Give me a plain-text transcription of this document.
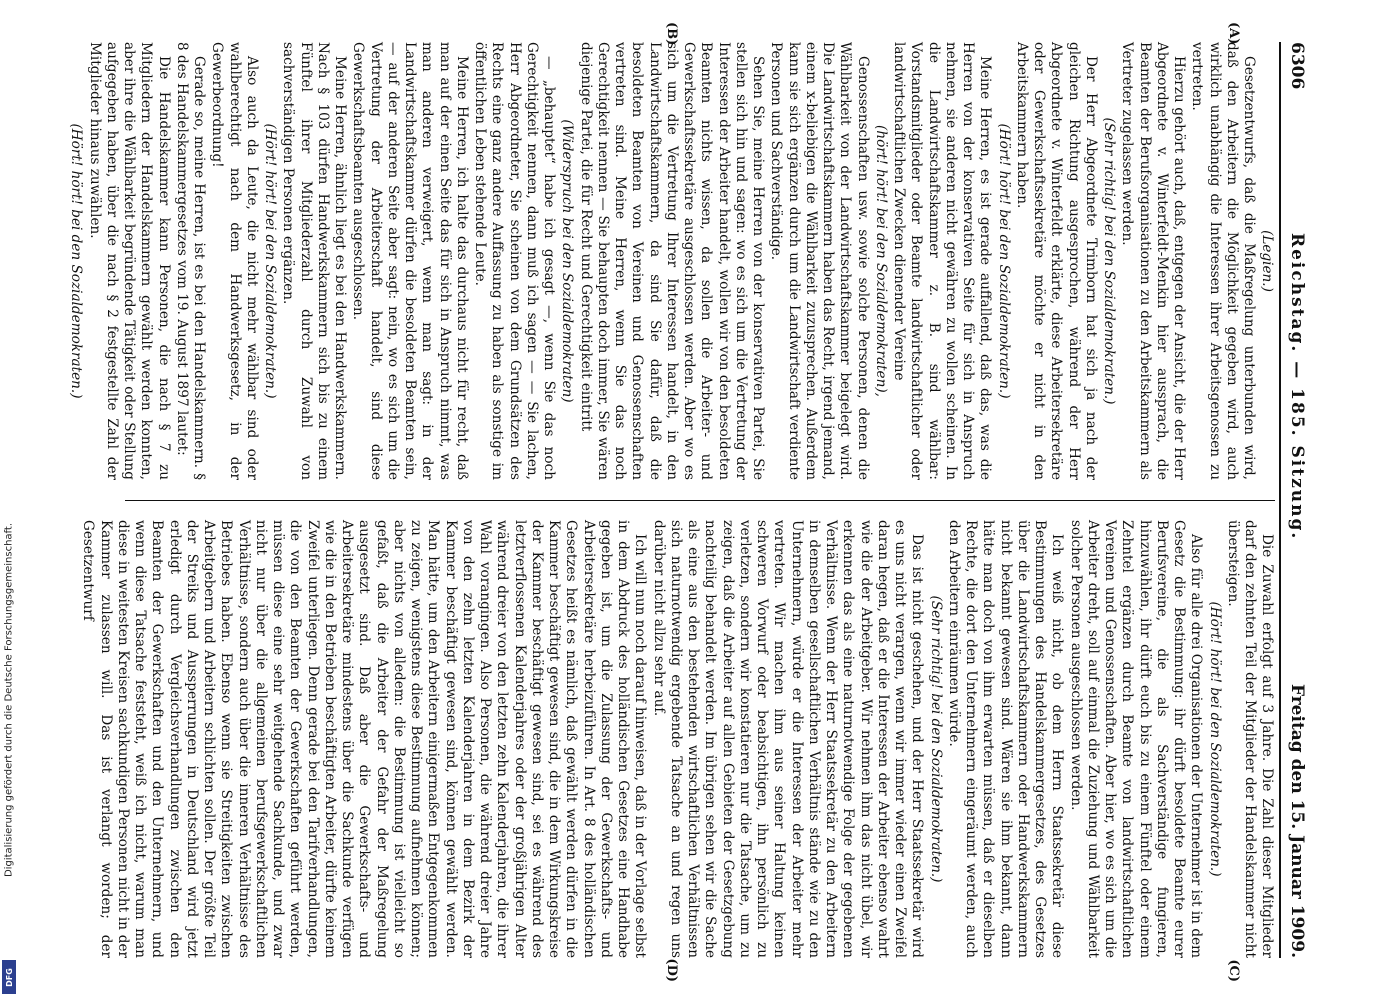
6306
Reichstag. — 185. Sitzung.
Freitag den 15. Januar 1909.
(A)
(B)

(Legien.)

Gesetzentwurfs, daß die Maßregelung unterbunden wird, daß den Arbeitern die Möglichkeit gegeben wird, auch wirklich unabhängig die Interessen ihrer Arbeitsgenossen zu vertreten.

Hierzu gehört auch, daß, entgegen der Ansicht, die der Herr Abgeordnete v. Winterfeldt-Menkin hier aussprach, die Beamten der Berufsorganisationen zu den Arbeitskammern als Vertreter zugelassen werden.

(Sehr richtig! bei den Sozialdemokraten.)

Der Herr Abgeordnete Trimborn hat sich ja nach der gleichen Richtung ausgesprochen, während der Herr Abgeordnete v. Winterfeldt erklärte, diese Arbeitersekretäre oder Gewerkschaftssekretäre möchte er nicht in den Arbeitskammern haben.

(Hört! hört! bei den Sozialdemokraten.)

Meine Herren, es ist gerade auffallend, daß das, was die Herren von der konservativen Seite für sich in Anspruch nehmen, sie anderen nicht gewähren zu wollen scheinen. In die Landwirtschaftskammer z. B. sind wählbar: Vorstandsmitglieder oder Beamte landwirtschaftlicher oder landwirtschaftlichen Zwecken dienender Vereine

(hört! hört! bei den Sozialdemokraten),

Genossenschaften usw. sowie solche Personen, denen die Wählbarkeit von der Landwirtschaftskammer beigelegt wird. Die Landwirtschaftskammern haben das Recht, irgend jemand, einem x-beliebigen die Wählbarkeit zuzusprechen. Außerdem kann sie sich ergänzen durch um die Landwirtschaft verdiente Personen und Sachverständige.

Sehen Sie, meine Herren von der konservativen Partei, Sie stellen sich hin und sagen: wo es sich um die Vertretung der Interessen der Arbeiter handelt, wollen wir von den besoldeten Beamten nichts wissen, da sollen die Arbeiter- und Gewerkschaftssekretäre ausgeschlossen werden. Aber wo es sich um die Vertretung Ihrer Interessen handelt, in den Landwirtschaftskammern, da sind Sie dafür, daß die besoldeten Beamten von Vereinen und Genossenschaften vertreten sind. Meine Herren, wenn Sie das noch Gerechtigkeit nennen — Sie behaupten doch immer, Sie wären diejenige Partei, die für Recht und Gerechtigkeit eintritt

(Widerspruch bei den Sozialdemokraten)

— „behauptet“ habe ich gesagt —, wenn Sie das noch Gerechtigkeit nennen, dann muß ich sagen — — Sie lachen, Herr Abgeordneter, Sie scheinen von dem Grundsätzen des Rechts eine ganz andere Auffassung zu haben als sonstige im öffentlichen Leben stehende Leute.

Meine Herren, ich halte das durchaus nicht für recht, daß man auf der einen Seite das für sich in Anspruch nimmt, was man anderen verweigert, wenn man sagt: in der Landwirtschaftskammer dürfen die besoldeten Beamten sein, — auf der anderen Seite aber sagt: nein, wo es sich um die Vertretung der Arbeiterschaft handelt, sind diese Gewerkschaftsbeamten ausgeschlossen.

Meine Herren, ähnlich liegt es bei den Handwerkskammern. Nach § 103 dürfen Handwerkskammern sich bis zu einem Fünftel ihrer Mitgliederzahl durch Zuwahl von sachverständigen Personen ergänzen.

(Hört! hört! bei den Sozialdemokraten.)

Also auch da Leute, die nicht mehr wählbar sind oder wahlberechtigt nach dem Handwerksgesetz, in der Gewerbeordnung!

Gerade so, meine Herren, ist es bei den Handelskammern. § 8 des Handelskammergesetzes vom 19. August 1897 lautet:

Die Handelskammer kann Personen, die nach § 7 zu Mitgliedern der Handelskammern gewählt werden konnten, aber ihre die Wählbarkeit begründende Tätigkeit oder Stellung aufgegeben haben, über die nach § 2 festgestellte Zahl der Mitglieder hinaus zuwählen.

(Hört! hört! bei den Sozialdemokraten.)

(C)
(D)

Die Zuwahl erfolgt auf 3 Jahre. Die Zahl dieser Mitglieder darf den zehnten Teil der Mitglieder der Handelskammer nicht übersteigen.

(Hört! hört! bei den Sozialdemokraten.)

Also für alle drei Organisationen der Unternehmer ist in dem Gesetz die Bestimmung: ihr dürft besoldete Beamte eurer Berufsvereine, die als Sachverständige fungieren, hinzuwählen, ihr dürft euch bis zu einem Fünftel oder einem Zehntel ergänzen durch Beamte von landwirtschaftlichen Vereinen und Genossenschaften. Aber hier, wo es sich um die Arbeiter dreht, soll auf einmal die Zuziehung und Wählbarkeit solcher Personen ausgeschlossen werden.

Ich weiß nicht, ob dem Herrn Staatssekretär diese Bestimmungen des Handelskammergesetzes, des Gesetzes über die Landwirtschaftskammern oder Handwerkskammern nicht bekannt gewesen sind. Wären sie ihm bekannt, dann hätte man doch von ihm erwarten müssen, daß er dieselben Rechte, die dort den Unternehmern eingeräumt werden, auch den Arbeitern einräumen würde.

(Sehr richtig! bei den Sozialdemokraten.)

Das ist nicht geschehen, und der Herr Staatssekretär wird es uns nicht verargen, wenn wir immer wieder einen Zweifel daran hegen, daß er die Interessen der Arbeiter ebenso wahrt wie die der Arbeitgeber. Wir nehmen ihm das nicht übel, wir erkennen das als eine naturnotwendige Folge der gegebenen Verhältnisse. Wenn der Herr Staatssekretär zu den Arbeitern in demselben gesellschaftlichen Verhältnis stände wie zu den Unternehmern, würde er die Interessen der Arbeiter mehr vertreten. Wir machen ihm aus seiner Haltung keinen schweren Vorwurf oder beabsichtigen, ihn persönlich zu verletzen, sondern wir konstatieren nur die Tatsache, um zu zeigen, daß die Arbeiter auf allen Gebieten der Gesetzgebung nachteilig behandelt werden. Im übrigen sehen wir die Sache als eine aus den bestehenden wirtschaftlichen Verhältnissen sich naturnotwendig ergebende Tatsache an und regen uns darüber nicht allzu sehr auf.

Ich will nun noch darauf hinweisen, daß in der Vorlage selbst in dem Abdruck des holländischen Gesetzes eine Handhabe gegeben ist, um die Zulassung der Gewerkschafts- und Arbeitersekretäre herbeizuführen. In Art. 8 des holländischen Gesetzes heißt es nämlich, daß gewählt werden dürfen in die Kammer beschäftigt gewesen sind, die in dem Wirkungskreise der Kammer beschäftigt gewesen sind, sei es während des letztverflossenen Kalenderjahres oder der großjährigen Alter während dreier von den letzten zehn Kalenderjahren, die ihrer Wahl vorangingen. Also Personen, die während dreier Jahre von den zehn letzten Kalenderjahren in dem Bezirk der Kammer beschäftigt gewesen sind, können gewählt werden. Man hätte, um den Arbeitern einigermaßen Entgegenkommen zu zeigen, wenigstens diese Bestimmung aufnehmen können; aber nichts von alledem: die Bestimmung ist vielleicht so gefaßt, daß die Arbeiter der Gefahr der Maßregelung ausgesetzt sind. Daß aber die Gewerkschafts- und Arbeitersekretäre mindestens über die Sachkunde verfügen wie die in den Betrieben beschäftigten Arbeiter, dürfte keinem Zweifel unterliegen. Denn gerade bei den Tarifverhandlungen, die von den Beamten der Gewerkschaften geführt werden, müssen diese eine sehr weitgehende Sachkunde, und zwar nicht nur über die allgemeinen berufsgewerkschaftlichen Verhältnisse, sondern auch über die inneren Verhältnisse des Betriebes haben. Ebenso wenn sie Streitigkeiten zwischen Arbeitgebern und Arbeitern schlichten sollen. Der größte Teil der Streiks und Aussperrungen in Deutschland wird jetzt erledigt durch Vergleichsverhandlungen zwischen den Beamten der Gewerkschaften und den Unternehmern, und wenn diese Tatsache feststeht, weiß ich nicht, warum man diese in weitesten Kreisen sachkundigen Personen nicht in der Kammer zulassen will. Das ist verlangt worden; der Gesetzentwurf

Digitalisierung gefördert durch die Deutsche Forschungsgemeinschaft.
DFG
